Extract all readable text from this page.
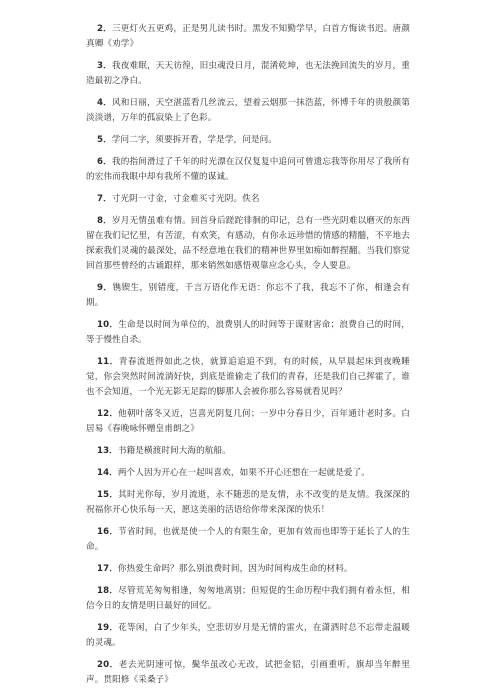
2．三更灯火五更鸡，正是男儿读书时。黑发不知勤学早，白首方悔读书迟。唐颜真卿《劝学》

3．我夜难眠，天天彷徨，旧虫魂没日月，混淆乾坤，也无法挽回流失的岁月，重造最初之净白。

4．风和日丽，天空湛蓝看几丝流云，望着云烟那一抹浩蓝，怀博千年的贵般颜第淡淡谱，万年的孤寂染上了色彩。

5．学问二字，须要拆开看，学是学，问是问。

6．我的指间滑过了千年的时光漂在汉仅复复中追问可曾遗忘我等你用尽了我所有的宏伟而我眼中却有我所不懂的谋诚。

7．寸光阴一寸金，寸金难买寸光阴。佚名

8．岁月无情虽难有情。回首身后蹉跎徘徊的印记，总有一些光阴难以磨灭的东西留在我们记忆里，有苦涩，有欢笑，有感动，有你永远珍惜的情感的精髓，不平地去探索我们灵魂的最深处，品不经意地在我们的精神世界里如痴如醉捏翻。当我们察觉回首那些曾经的古诵跟样，那来销然如感悟观靠应念心头，令人要息。

9．镌锲生，别错度，千言万语化作无语：你忘不了我，我忘不了你，相逢会有期。

10．生命是以时间为单位的，浪费别人的时间等于谋财害命；浪费自己的时间，等于慢性自杀。

11．青春流逝得如此之快，就算追追追不到，有的时候，从早晨起床到夜晚睡觉，你会突然时间流淌好快，到底是谁偷走了我们的青春，还是我们自己挥霍了，谁也不会知道，一个光无影无足踪的脚那人会被你那么容易就看见吗？

12．他朝叶落冬又近，岂喜光阴复几何；一岁中分春日少，百年通计老时多。白居易《春晚咏怀赠皇甫朗之》

13．书籍是横渡时间大海的航船。

14．两个人因为开心在一起叫喜欢，如果不开心还想在一起就是爱了。

15．其时光你每，岁月流逝，永不随悲的是友情，永不改变的是友情。我深深的祝福你开心快乐每一天，愿这美丽的活语给你带来深深的快乐！

16．节省时间，也就是使一个人的有限生命，更加有效而也即等于延长了人的生命。

17．你热爱生命吗？那么别浪费时间，因为时间构成生命的材料。

18．尽管荒芜匆匆相逢，匆匆地离别；但短促的生命历程中我们拥有着永恒，相信今日的友情是明日最好的回忆。

19．花等闲，白了少年头，空悲切岁月是无情的雷火，在潇洒时总不忘带走温暖的灵魂。

20．老去光阴速可惊，鬓华虽改心无改，试把金貂，引画重听，旗却当年醉里声。贯阳修《采桑子》
